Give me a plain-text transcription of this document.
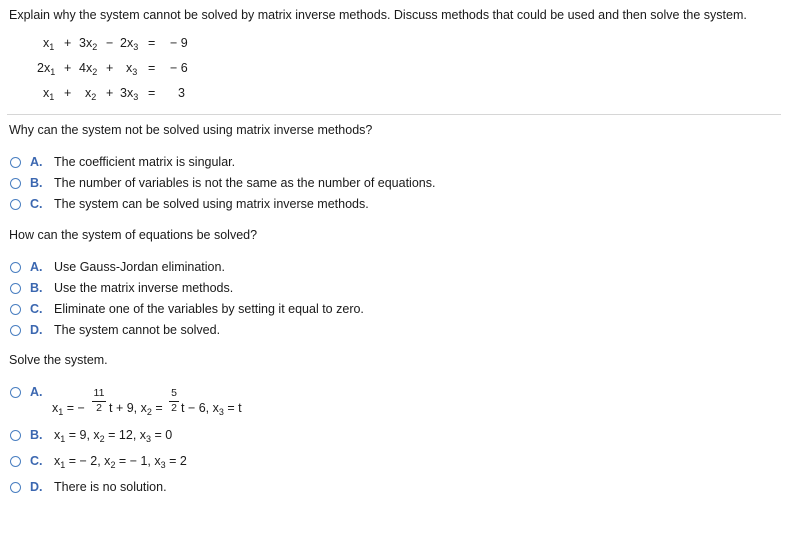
Explain why the system cannot be solved by matrix inverse methods. Discuss methods that could be used and then solve the system.
$x_1 + 3x_2 - 2x_3$ = − 9
$2x_1 + 4x_2 + x_3$ = − 6
$x_1 + x_2 + 3x_3 = 3$
Why can the system not be solved using matrix inverse methods?
A. The coefficient matrix is singular.
B. The number of variables is not the same as the number of equations.
C. The system can be solved using matrix inverse methods.
How can the system of equations be solved?
A. Use Gauss-Jordan elimination.
B. Use the matrix inverse methods.
C. Eliminate one of the variables by setting it equal to zero.
D. The system cannot be solved.
Solve the system.
A.
$x_1$ = −
11
2 t + 9, $x_2$ =
5
2 t − 6, $x_3 = t$
B. $x_1 = 9$, $x_2 = 12$, $x_3 = 0$
C. $x_1$ = − 2, $x_2$ = − 1, $x_3 = 2$
D. There is no solution.
